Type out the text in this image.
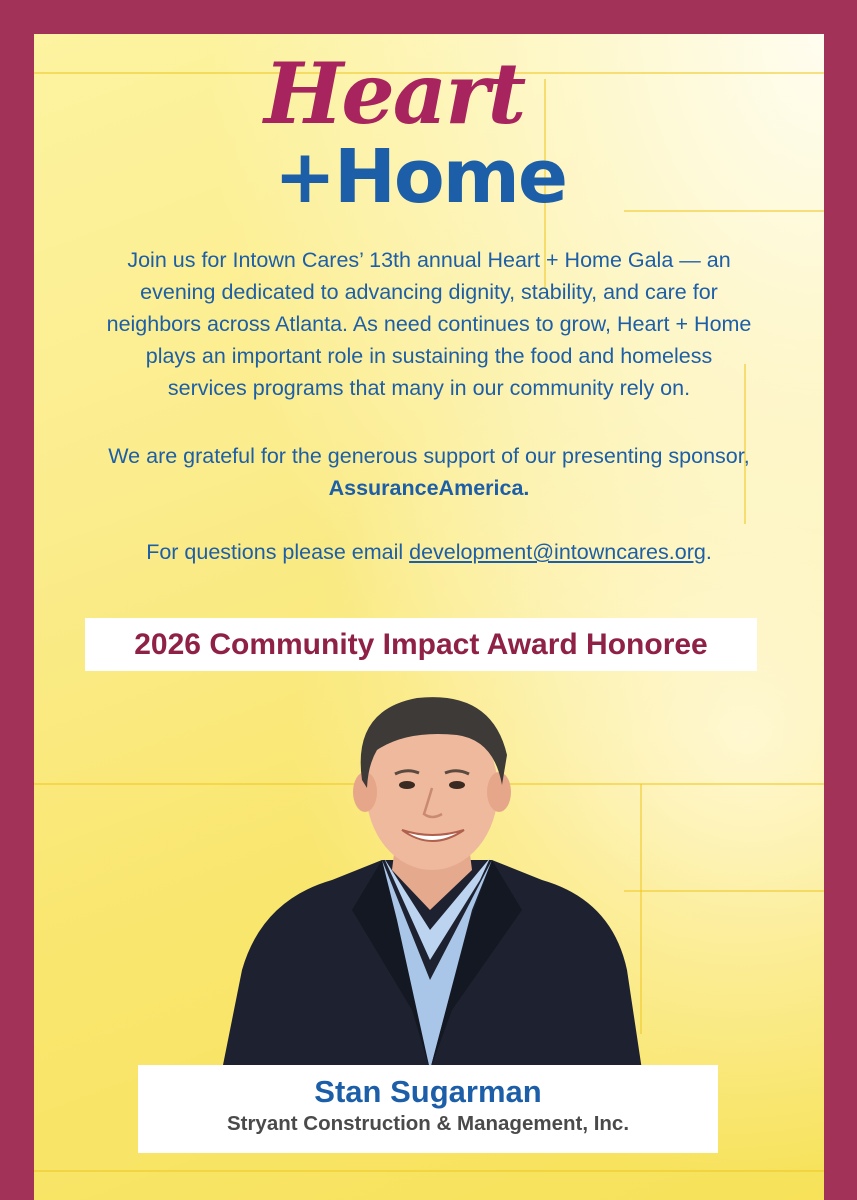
Heart
+Home
Join us for Intown Cares’ 13th annual Heart + Home Gala — an
evening dedicated to advancing dignity, stability, and care for
neighbors across Atlanta. As need continues to grow, Heart + Home
plays an important role in sustaining the food and homeless
services programs that many in our community rely on.
We are grateful for the generous support of our presenting sponsor,
AssuranceAmerica.
For questions please email development@intowncares.org.
2026 Community Impact Award Honoree
Stan Sugarman
Stryant Construction & Management, Inc.
